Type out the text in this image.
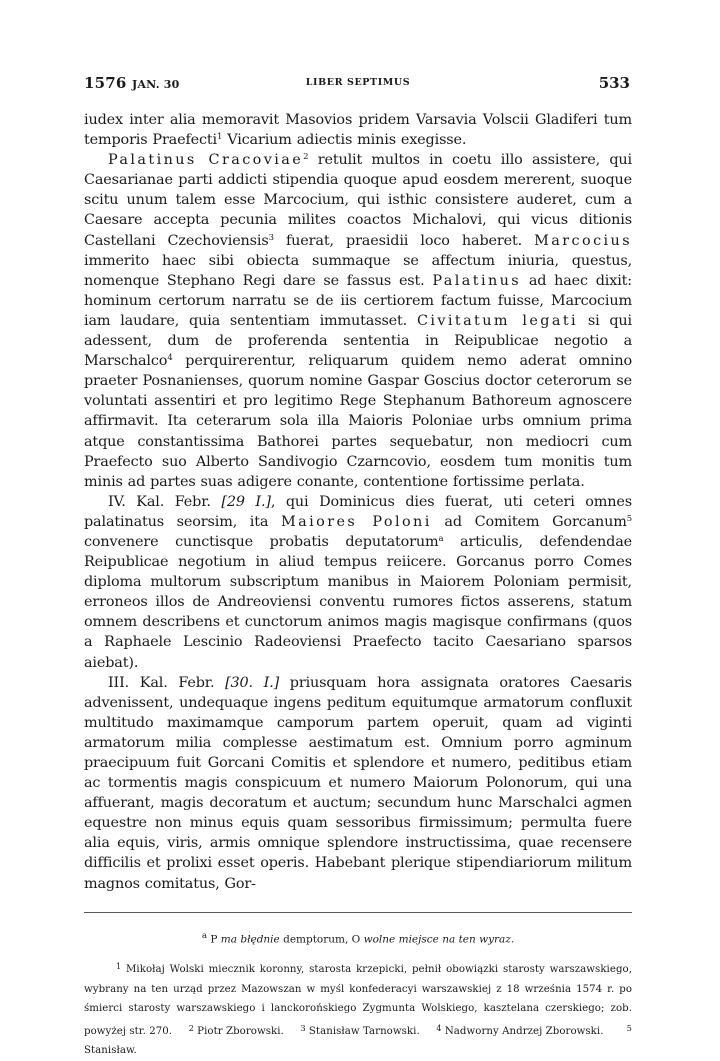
1576 JAN. 30	LIBER SEPTIMUS	533

iudex inter alia memoravit Masovios pridem Varsavia Volscii Gladiferi tum temporis Praefecti$^1$ Vicarium adiectis minis exegisse.

Palatinus Cracoviae$^2$ retulit multos in coetu illo assistere, qui Caesarianae parti addicti stipendia quoque apud eosdem mererent, suoque scitu unum talem esse Marcocium, qui isthic consistere auderet, cum a Caesare accepta pecunia milites coactos Michalovi, qui vicus ditionis Castellani Czechoviensis$^3$ fuerat, praesidii loco haberet. Marcocius immerito haec sibi obiecta summaque se affectum iniuria, questus, nomenque Stephano Regi dare se fassus est. Palatinus ad haec dixit: hominum certorum narratu se de iis certiorem factum fuisse, Marcocium iam laudare, quia sententiam immutasset. Civitatum legati si qui adessent, dum de proferenda sententia in Reipublicae negotio a Marschalco$^4$ perquirerentur, reliquarum quidem nemo aderat omnino praeter Posnanienses, quorum nomine Gaspar Goscius doctor ceterorum se voluntati assentiri et pro legitimo Rege Stephanum Bathoreum agnoscere affirmavit. Ita ceterarum sola illa Maioris Poloniae urbs omnium prima atque constantissima Bathorei partes sequebatur, non mediocri cum Praefecto suo Alberto Sandivogio Czarncovio, eosdem tum monitis tum minis ad partes suas adigere conante, contentione fortissime perlata.

IV. Kal. Febr. [29 I.], qui Dominicus dies fuerat, uti ceteri omnes palatinatus seorsim, ita Maiores Poloni ad Comitem Gorcanum$^5$ convenere cunctisque probatis deputatorum$^a$ articulis, defendendae Reipublicae negotium in aliud tempus reiicere. Gorcanus porro Comes diploma multorum subscriptum manibus in Maiorem Poloniam permisit, erroneos illos de Andreoviensi conventu rumores fictos asserens, statum omnem describens et cunctorum animos magis magisque confirmans (quos a Raphaele Lescinio Radeoviensi Praefecto tacito Caesariano sparsos aiebat).

III. Kal. Febr. [30. I.] priusquam hora assignata oratores Caesaris advenissent, undequaque ingens peditum equitumque armatorum confluxit multitudo maximamque camporum partem operuit, quam ad viginti armatorum milia complesse aestimatum est. Omnium porro agminum praecipuum fuit Gorcani Comitis et splendore et numero, peditibus etiam ac tormentis magis conspicuum et numero Maiorum Polonorum, qui una affuerant, magis decoratum et auctum; secundum hunc Marschalci agmen equestre non minus equis quam sessoribus firmissimum; permulta fuere alia equis, viris, armis omnique splendore instructissima, quae recensere difficilis et prolixi esset operis. Habebant plerique stipendiariorum militum magnos comitatus, Gor-

$^a$ P ma błędnie demptorum, O wolne miejsce na ten wyraz.

$^1$ Mikołaj Wolski miecznik koronny, starosta krzepicki, pełnił obowiązki starosty warszawskiego, wybrany na ten urząd przez Mazowszan w myśl konfederacyi warszawskiej z 18 września 1574 r. po śmierci starosty warszawskiego i lanckorońskiego Zygmunta Wolskiego, kasztelana czerskiego; zob. powyżej str. 270. $^2$ Piotr Zborowski. $^3$ Stanisław Tarnowski. $^4$ Nadworny Andrzej Zborowski.	$^5$ Stanisław.
